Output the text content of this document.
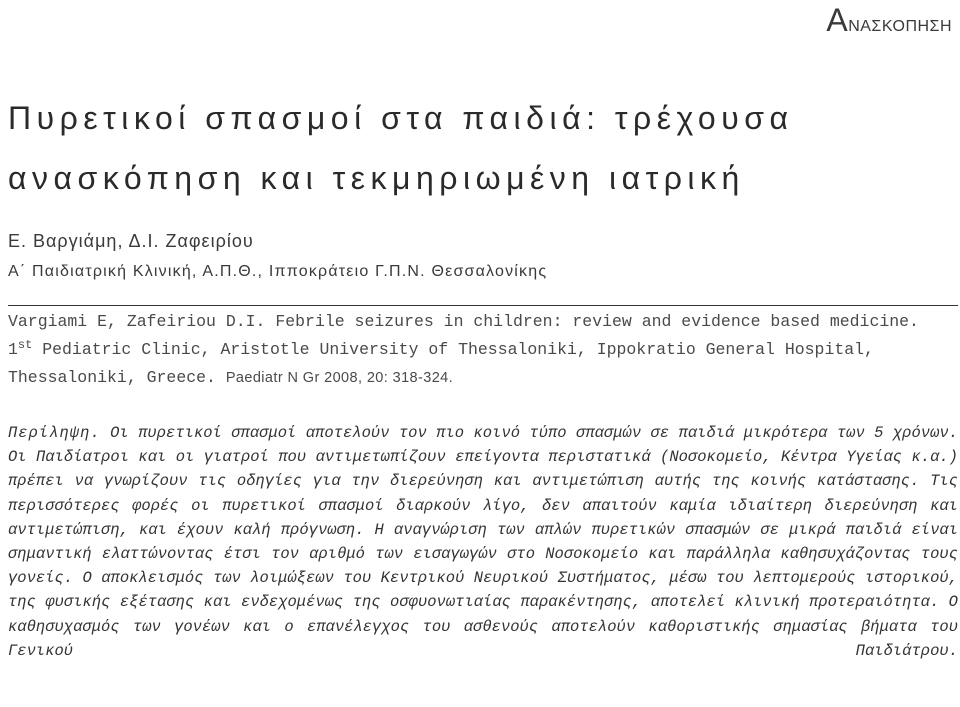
ΑΝΑΣΚΟΠΗΣΗ
Πυρετικοί σπασμοί στα παιδιά: τρέχουσα ανασκόπηση και τεκμηριωμένη ιατρική
Ε. Βαργιάμη, Δ.Ι. Ζαφειρίου
Α΄ Παιδιατρική Κλινική, Α.Π.Θ., Ιπποκράτειο Γ.Π.Ν. Θεσσαλονίκης
Vargiami E, Zafeiriou D.I. Febrile seizures in children: review and evidence based medicine. 1st Pediatric Clinic, Aristotle University of Thessaloniki, Ippokratio General Hospital, Thessaloniki, Greece. Paediatr N Gr 2008, 20: 318-324.

Περίληψη. Οι πυρετικοί σπασμοί αποτελούν τον πιο κοινό τύπο σπασμών σε παιδιά μικρότερα των 5 χρόνων. Οι Παιδίατροι και οι γιατροί που αντιμετωπίζουν επείγοντα περιστατικά (Νοσοκομείο, Κέντρα Υγείας κ.α.) πρέπει να γνωρίζουν τις οδηγίες για την διερεύνηση και αντιμετώπιση αυτής της κοινής κατάστασης. Τις περισσότερες φορές οι πυρετικοί σπασμοί διαρκούν λίγο, δεν απαιτούν καμία ιδιαίτερη διερεύνηση και αντιμετώπιση, και έχουν καλή πρόγνωση. Η αναγνώριση των απλών πυρετικών σπασμών σε μικρά παιδιά είναι σημαντική ελαττώνοντας έτσι τον αριθμό των εισαγωγών στο Νοσοκομείο και παράλληλα καθησυχάζοντας τους γονείς. Ο αποκλεισμός των λοιμώξεων του Κεντρικού Νευρικού Συστήματος, μέσω του λεπτομερούς ιστορικού, της φυσικής εξέτασης και ενδεχομένως της οσφυονωτιαίας παρακέντησης, αποτελεί κλινική προτεραιότητα. Ο καθησυχασμός των γονέων και ο επανέλεγχος του ασθενούς αποτελούν καθοριστικής σημασίας βήματα του Γενικού Παιδιάτρου.
